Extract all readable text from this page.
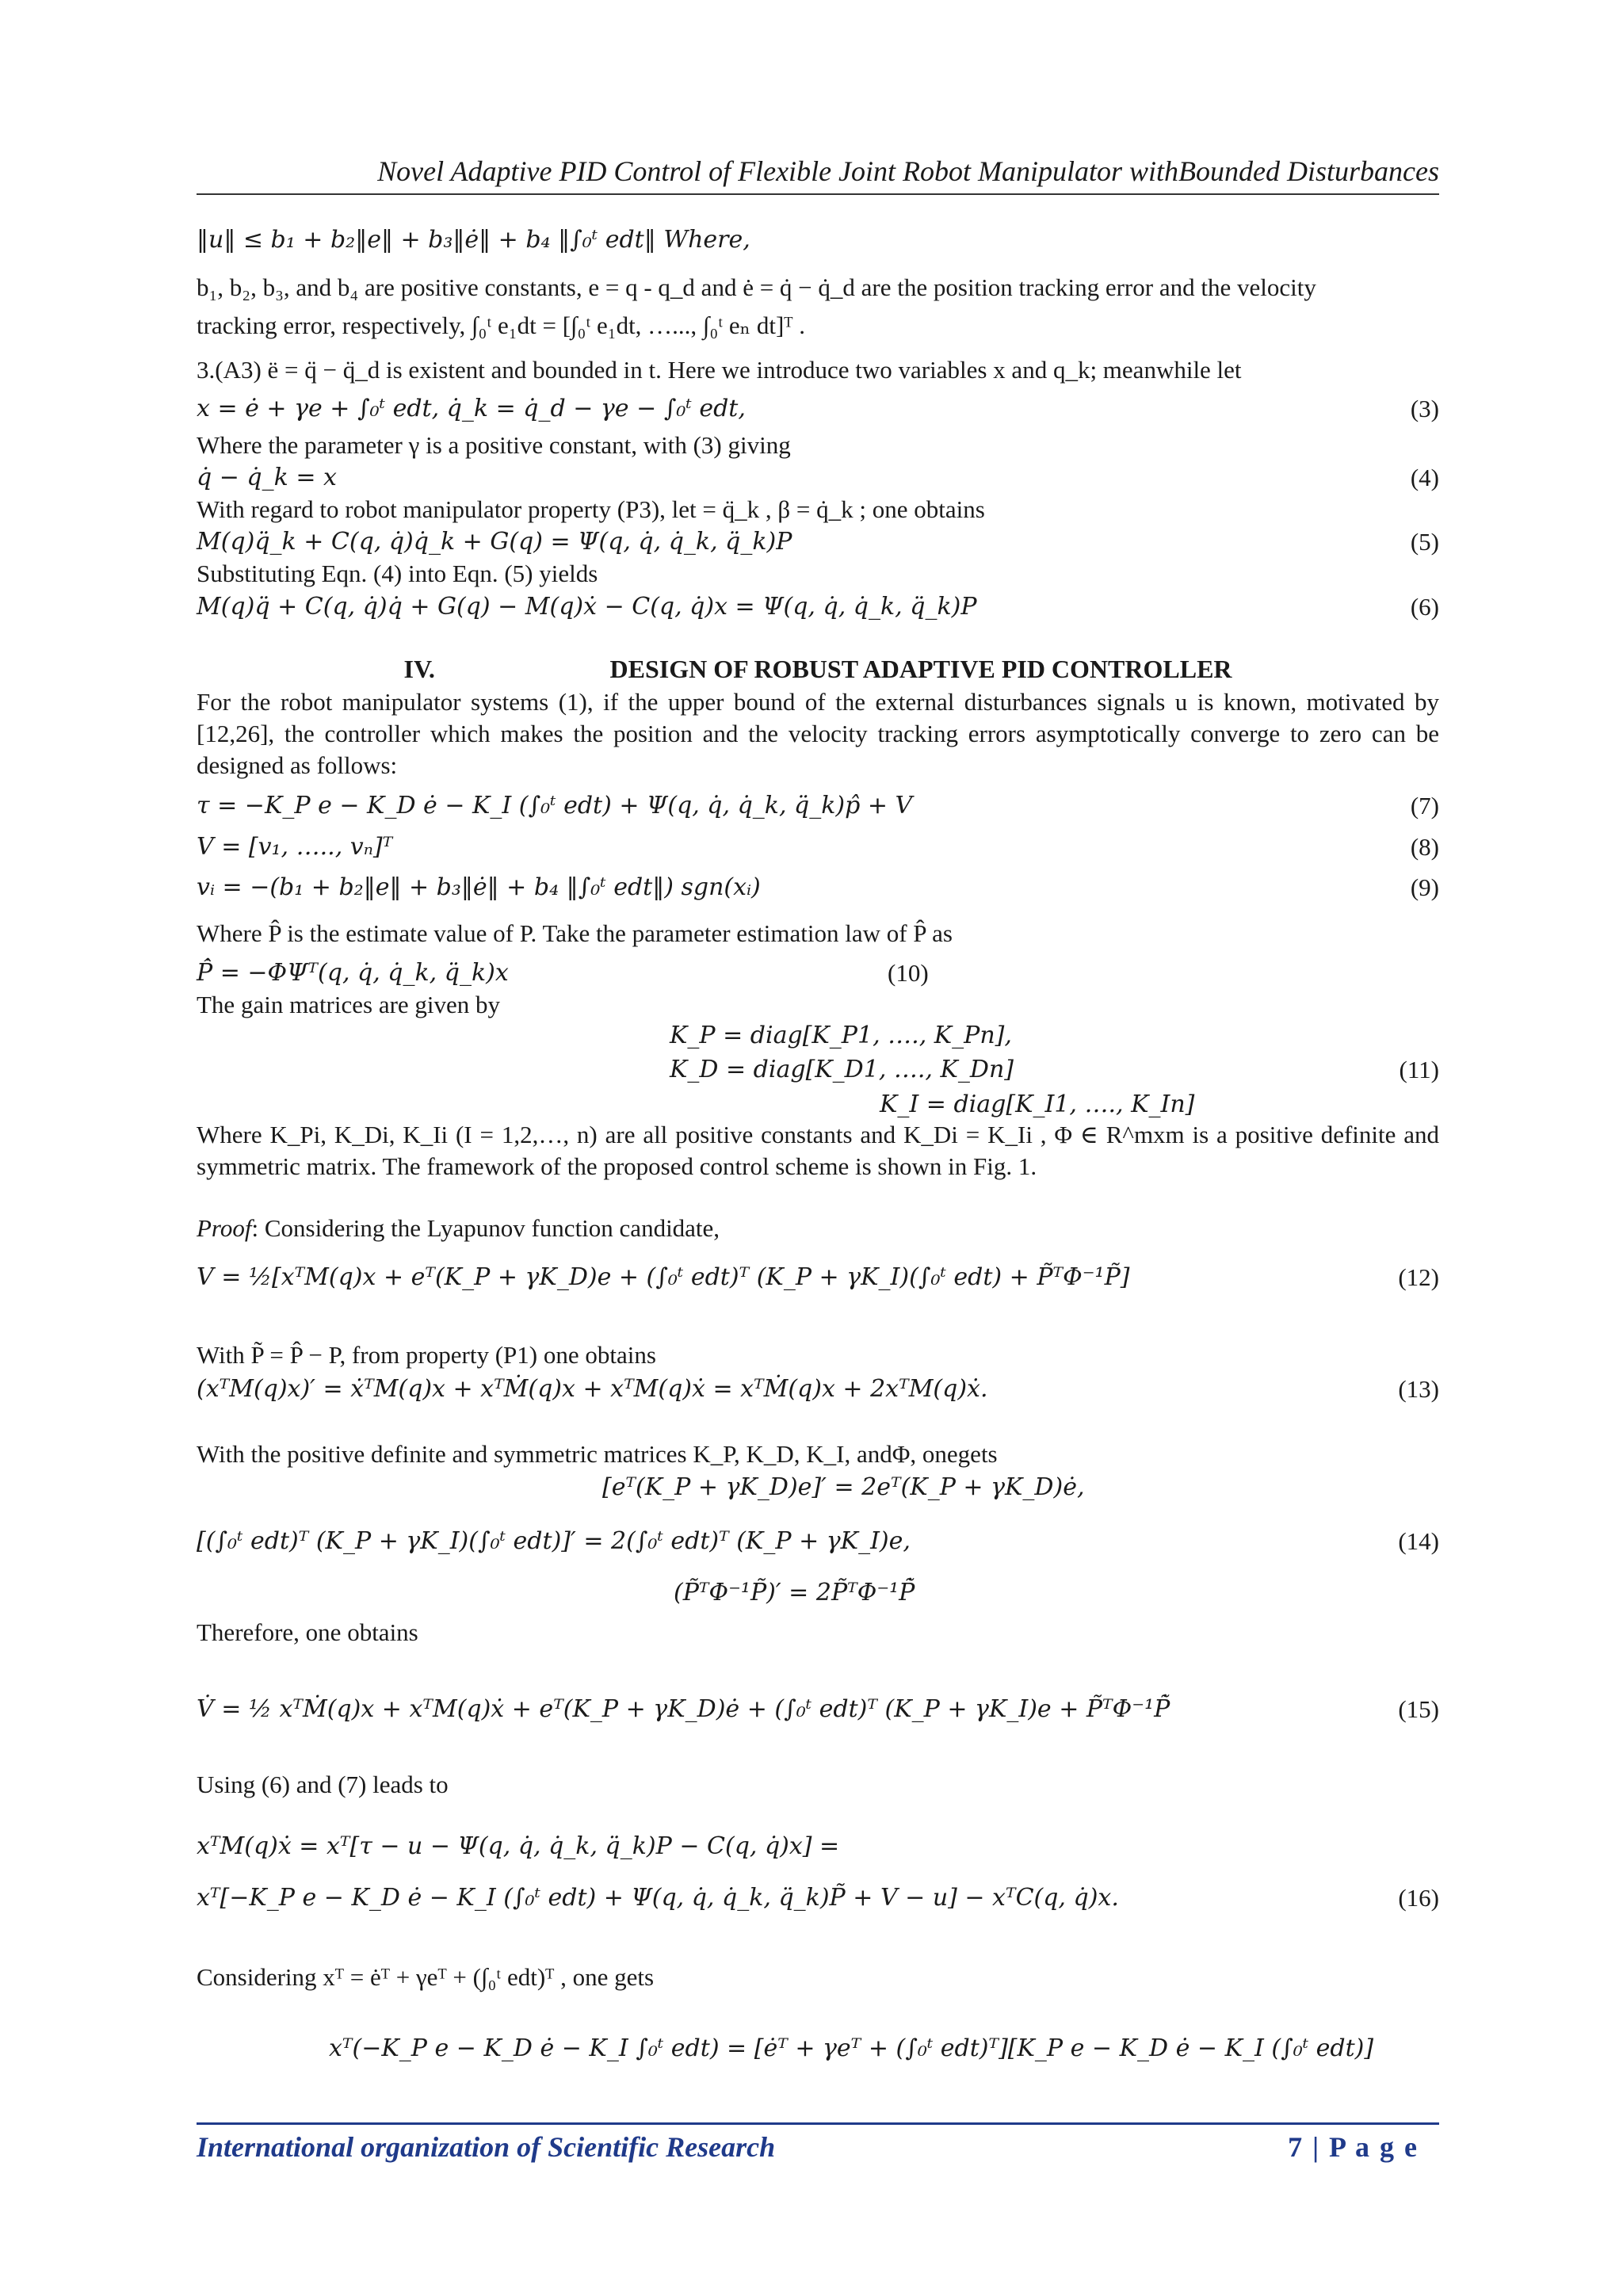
Novel Adaptive PID Control of Flexible Joint Robot Manipulator withBounded Disturbances
‖u‖ ≤ b₁ + b₂‖e‖ + b₃‖ė‖ + b₄ ‖∫₀ᵗ edt‖ Where,
b₁, b₂, b₃, and b₄ are positive constants, e = q - q_d and ė = q̇ − q̇_d are the position tracking error and the velocity
tracking error, respectively, ∫₀ᵗ e₁dt = [∫₀ᵗ e₁dt, …..., ∫₀ᵗ eₙ dt]ᵀ .
3.(A3) ë = q̈ − q̈_d is existent and bounded in t. Here we introduce two variables x and q_k; meanwhile let
x = ė + γe + ∫₀ᵗ edt, q̇_k = q̇_d − γe − ∫₀ᵗ edt,	(3)
Where the parameter γ is a positive constant, with (3) giving
q̇ − q̇_k = x	(4)
With regard to robot manipulator property (P3), let = q̈_k , β = q̇_k ; one obtains
M(q)q̈_k + C(q, q̇)q̇_k + G(q) = Ψ(q, q̇, q̇_k, q̈_k)P	(5)
Substituting Eqn. (4) into Eqn. (5) yields
M(q)q̈ + C(q, q̇)q̇ + G(q) − M(q)ẋ − C(q, q̇)x = Ψ(q, q̇, q̇_k, q̈_k)P	(6)
IV.	DESIGN OF ROBUST ADAPTIVE PID CONTROLLER
For the robot manipulator systems (1), if the upper bound of the external disturbances signals u is known, motivated by [12,26], the controller which makes the position and the velocity tracking errors asymptotically converge to zero can be designed as follows:
τ = −K_P e − K_D ė − K_I (∫₀ᵗ edt) + Ψ(q, q̇, q̇_k, q̈_k)p̂ + V	(7)
V = [v₁, ….., vₙ]ᵀ	(8)
vᵢ = −(b₁ + b₂‖e‖ + b₃‖ė‖ + b₄ ‖∫₀ᵗ edt‖) sgn(xᵢ)	(9)
Where P̂ is the estimate value of P. Take the parameter estimation law of P̂ as
P̂̇ = −ΦΨᵀ(q, q̇, q̇_k, q̈_k)x	(10)
The gain matrices are given by
K_P = diag[K_P1, …., K_Pn],
K_D = diag[K_D1, …., K_Dn]	(11)
K_I = diag[K_I1, …., K_In]
Where K_Pi, K_Di, K_Ii (I = 1,2,…, n) are all positive constants and K_Di = K_Ii , Φ ∈ R^mxm is a positive definite and symmetric matrix. The framework of the proposed control scheme is shown in Fig. 1.
Proof: Considering the Lyapunov function candidate,
V = ½[xᵀM(q)x + eᵀ(K_P + γK_D)e + (∫₀ᵗ edt)ᵀ (K_P + γK_I)(∫₀ᵗ edt) + P̃ᵀΦ⁻¹P̃]	(12)
With P̃ = P̂ − P, from property (P1) one obtains
(xᵀM(q)x)′ = ẋᵀM(q)x + xᵀṀ(q)x + xᵀM(q)ẋ = xᵀṀ(q)x + 2xᵀM(q)ẋ.	(13)
With the positive definite and symmetric matrices K_P, K_D, K_I, andΦ, onegets
[eᵀ(K_P + γK_D)e]′ = 2eᵀ(K_P + γK_D)ė,
[(∫₀ᵗ edt)ᵀ (K_P + γK_I)(∫₀ᵗ edt)]′ = 2(∫₀ᵗ edt)ᵀ (K_P + γK_I)e,	(14)
(P̃ᵀΦ⁻¹P̃)′ = 2P̃ᵀΦ⁻¹P̃̇
Therefore, one obtains
V̇ = ½ xᵀṀ(q)x + xᵀM(q)ẋ + eᵀ(K_P + γK_D)ė + (∫₀ᵗ edt)ᵀ (K_P + γK_I)e + P̃ᵀΦ⁻¹P̃̇	(15)
Using (6) and (7) leads to
xᵀM(q)ẋ = xᵀ[τ − u − Ψ(q, q̇, q̇_k, q̈_k)P − C(q, q̇)x] =
xᵀ[−K_P e − K_D ė − K_I (∫₀ᵗ edt) + Ψ(q, q̇, q̇_k, q̈_k)P̃ + V − u] − xᵀC(q, q̇)x.	(16)
Considering xᵀ = ėᵀ + γeᵀ + (∫₀ᵗ edt)ᵀ , one gets
xᵀ(−K_P e − K_D ė − K_I ∫₀ᵗ edt) = [ėᵀ + γeᵀ + (∫₀ᵗ edt)ᵀ][K_P e − K_D ė − K_I (∫₀ᵗ edt)]
International organization of Scientific Research	7 | P a g e
